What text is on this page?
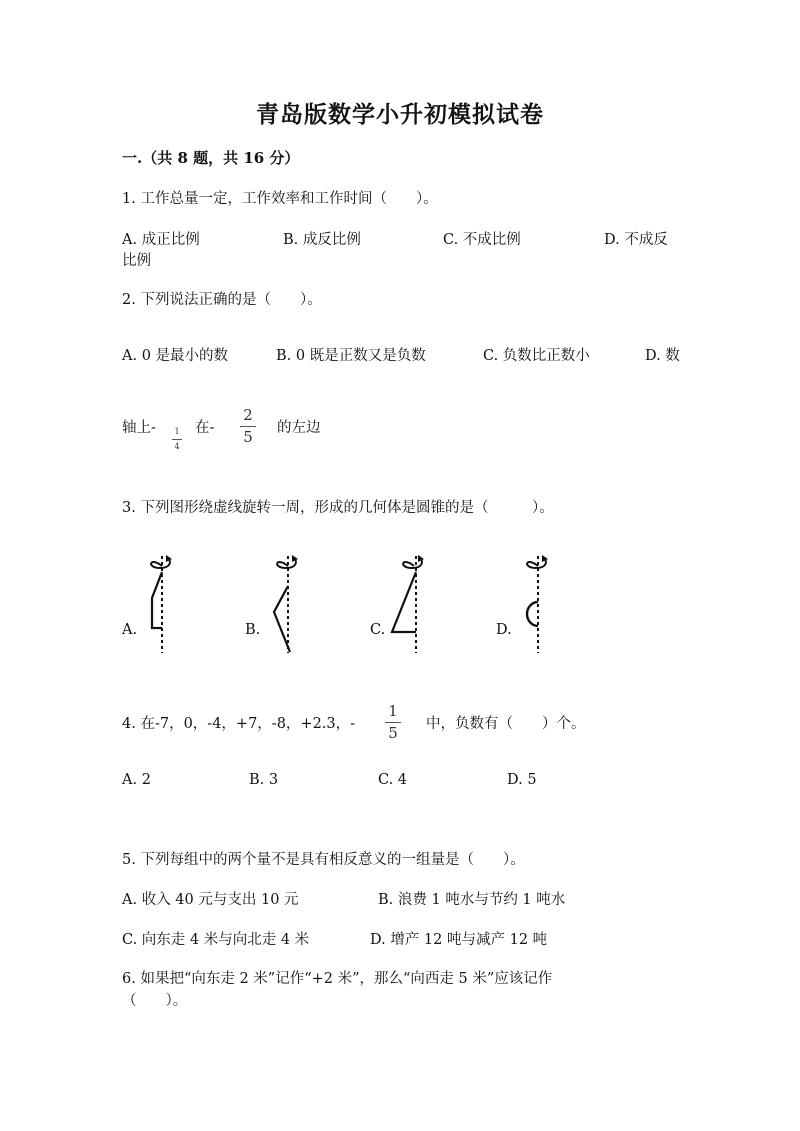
青岛版数学小升初模拟试卷
一.（共 8 题，共 16 分）
1. 工作总量一定，工作效率和工作时间（　　）。
A. 成正比例	B. 成反比例	C. 不成比例	D. 不成反
比例
2. 下列说法正确的是（　　）。
A. 0 是最小的数	B. 0 既是正数又是负数	C. 负数比正数小	D. 数
轴上-	1
4
在-
2
5 的左边
3. 下列图形绕虚线旋转一周，形成的几何体是圆锥的是（　　　）。
A.	B.	C.	D.
4. 在-7，0，-4，+7，-8，+2.3，-
1
5 中，负数有（　　）个。
A. 2	B. 3	C. 4	D. 5
5. 下列每组中的两个量不是具有相反意义的一组量是（　　）。
A. 收入 40 元与支出 10 元	B. 浪费 1 吨水与节约 1 吨水
C. 向东走 4 米与向北走 4 米	D. 增产 12 吨与减产 12 吨
6. 如果把“向东走 2 米”记作“+2 米”，那么“向西走 5 米”应该记作
（　　）。
